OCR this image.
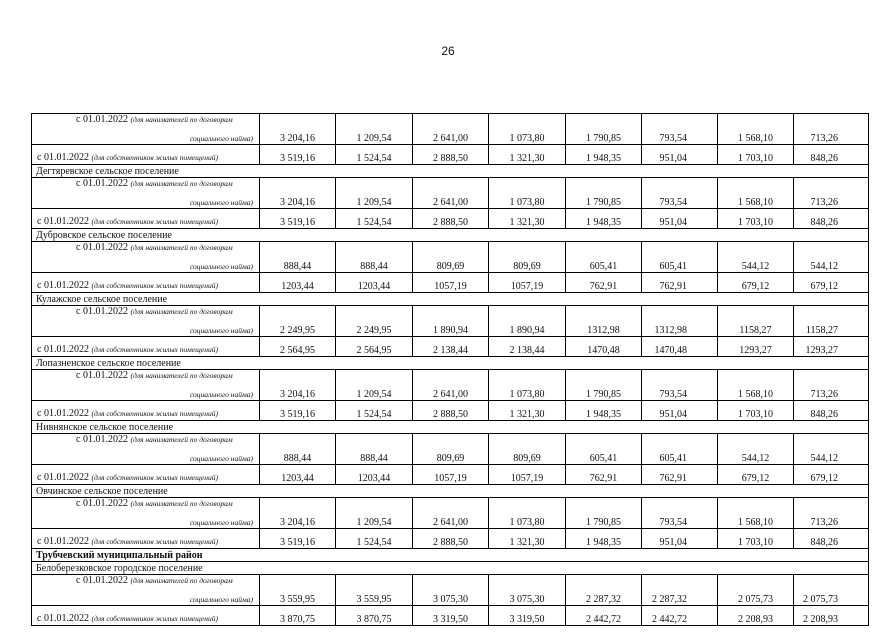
26
с 01.01.2022 (для нанимателей по договорам
социального найма)	3 204,16	1 209,54	2 641,00	1 073,80	1 790,85	793,54	1 568,10	713,26

с 01.01.2022 (для собственников жилых помещений)	3 519,16	1 524,54	2 888,50	1 321,30	1 948,35	951,04	1 703,10	848,26
Дегтяревское сельское поселение								

с 01.01.2022 (для нанимателей по договорам
социального найма)	3 204,16	1 209,54	2 641,00	1 073,80	1 790,85	793,54	1 568,10	713,26

с 01.01.2022 (для собственников жилых помещений)	3 519,16	1 524,54	2 888,50	1 321,30	1 948,35	951,04	1 703,10	848,26
Дубровское сельское поселение								

с 01.01.2022 (для нанимателей по договорам
социального найма)	888,44	888,44	809,69	809,69	605,41	605,41	544,12	544,12

с 01.01.2022 (для собственников жилых помещений)	1203,44	1203,44	1057,19	1057,19	762,91	762,91	679,12	679,12
Кулажское сельское поселение								

с 01.01.2022 (для нанимателей по договорам
социального найма)	2 249,95	2 249,95	1 890,94	1 890,94	1312,98	1312,98	1158,27	1158,27

с 01.01.2022 (для собственников жилых помещений)	2 564,95	2 564,95	2 138,44	2 138,44	1470,48	1470,48	1293,27	1293,27
Лопазненское сельское поселение								

с 01.01.2022 (для нанимателей по договорам
социального найма)	3 204,16	1 209,54	2 641,00	1 073,80	1 790,85	793,54	1 568,10	713,26

с 01.01.2022 (для собственников жилых помещений)	3 519,16	1 524,54	2 888,50	1 321,30	1 948,35	951,04	1 703,10	848,26
Нивнянское сельское поселение								

с 01.01.2022 (для нанимателей по договорам
социального найма)	888,44	888,44	809,69	809,69	605,41	605,41	544,12	544,12

с 01.01.2022 (для собственников жилых помещений)	1203,44	1203,44	1057,19	1057,19	762,91	762,91	679,12	679,12
Овчинское сельское поселение								

с 01.01.2022 (для нанимателей по договорам
социального найма)	3 204,16	1 209,54	2 641,00	1 073,80	1 790,85	793,54	1 568,10	713,26

с 01.01.2022 (для собственников жилых помещений)	3 519,16	1 524,54	2 888,50	1 321,30	1 948,35	951,04	1 703,10	848,26
Трубчевский муниципальный район								
Белоберезковское городское поселение								

с 01.01.2022 (для нанимателей по договорам
социального найма)	3 559,95	3 559,95	3 075,30	3 075,30	2 287,32	2 287,32	2 075,73	2 075,73

с 01.01.2022 (для собственников жилых помещений)	3 870,75	3 870,75	3 319,50	3 319,50	2 442,72	2 442,72	2 208,93	2 208,93
